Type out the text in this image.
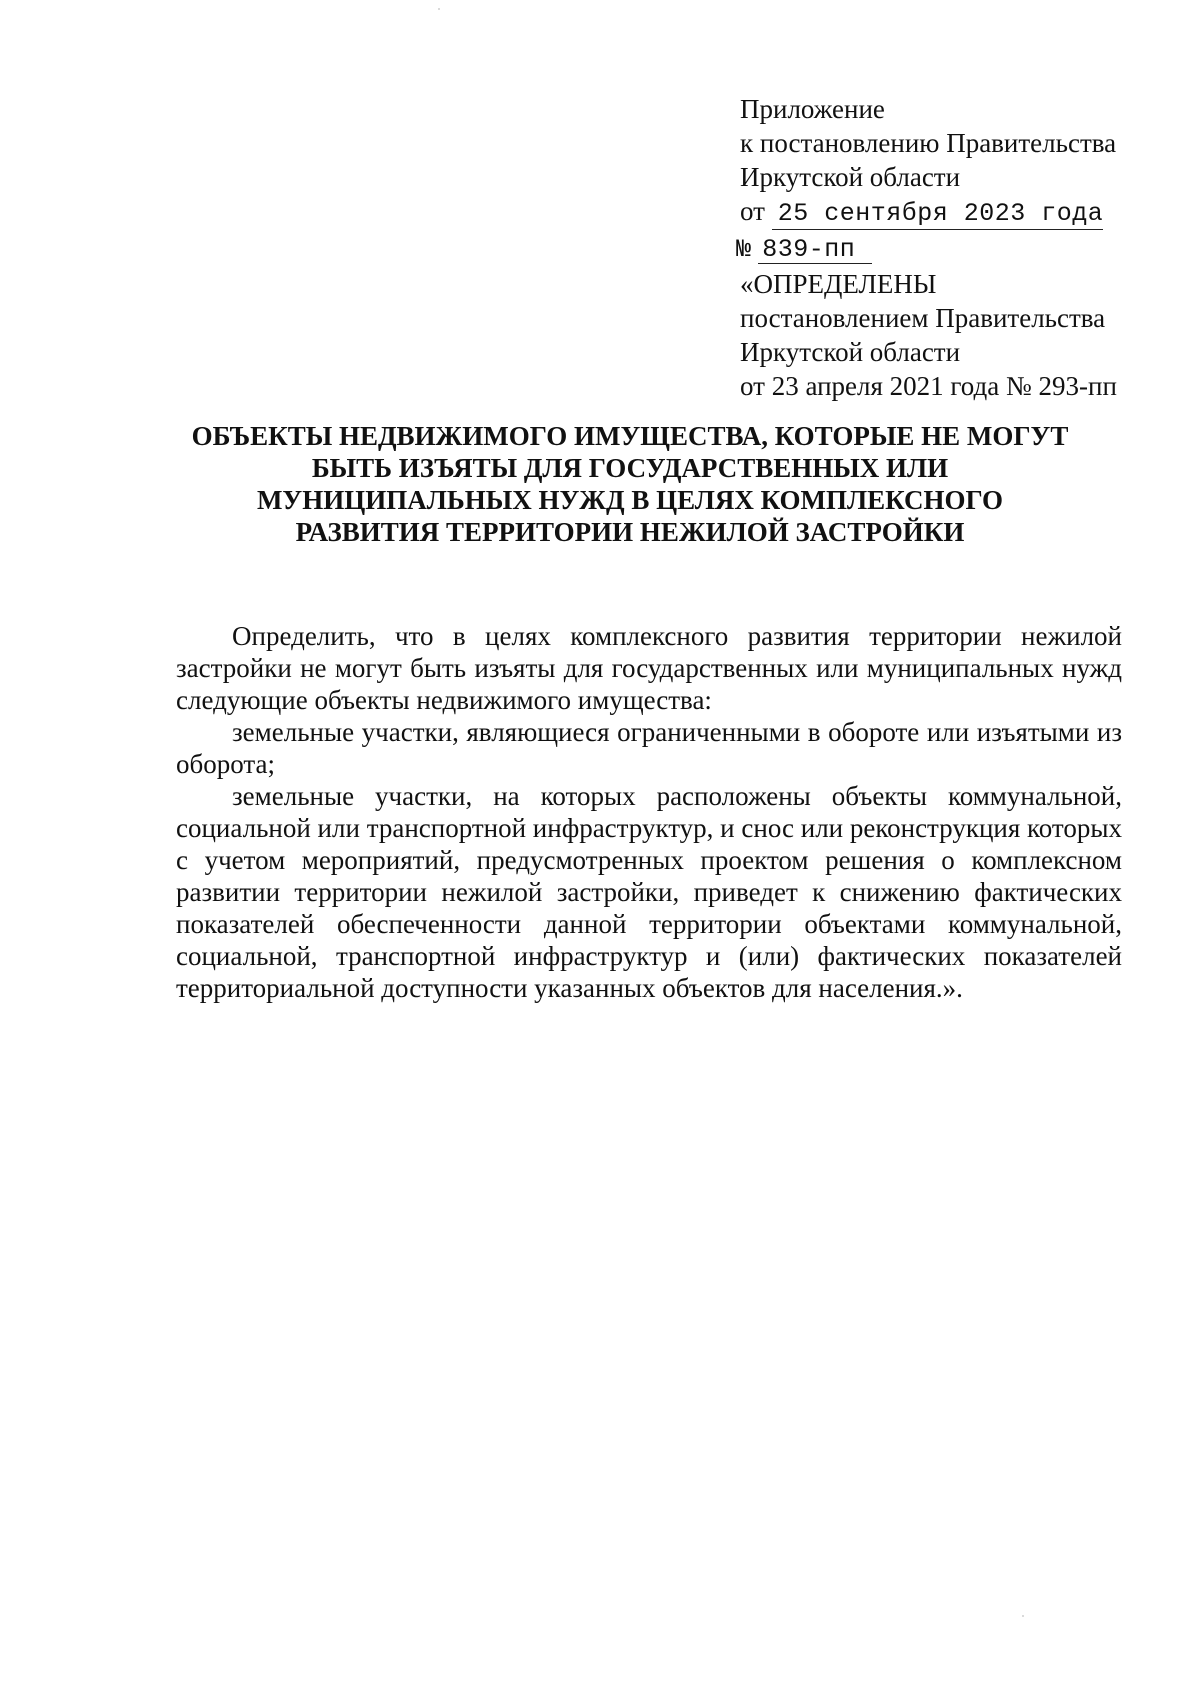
Приложение
к постановлению Правительства
Иркутской области
от 25 сентября 2023 года
№ 839-пп
«ОПРЕДЕЛЕНЫ
постановлением Правительства
Иркутской области
от 23 апреля 2021 года № 293-пп
ОБЪЕКТЫ НЕДВИЖИМОГО ИМУЩЕСТВА, КОТОРЫЕ НЕ МОГУТ
БЫТЬ ИЗЪЯТЫ ДЛЯ ГОСУДАРСТВЕННЫХ ИЛИ
МУНИЦИПАЛЬНЫХ НУЖД В ЦЕЛЯХ КОМПЛЕКСНОГО
РАЗВИТИЯ ТЕРРИТОРИИ НЕЖИЛОЙ ЗАСТРОЙКИ

Определить, что в целях комплексного развития территории нежилой застройки не могут быть изъяты для государственных или муниципальных нужд следующие объекты недвижимого имущества:

земельные участки, являющиеся ограниченными в обороте или изъятыми из оборота;

земельные участки, на которых расположены объекты коммунальной, социальной или транспортной инфраструктур, и снос или реконструкция которых с учетом мероприятий, предусмотренных проектом решения о комплексном развитии территории нежилой застройки, приведет к снижению фактических показателей обеспеченности данной территории объектами коммунальной, социальной, транспортной инфраструктур и (или) фактических показателей территориальной доступности указанных объектов для населения.».
